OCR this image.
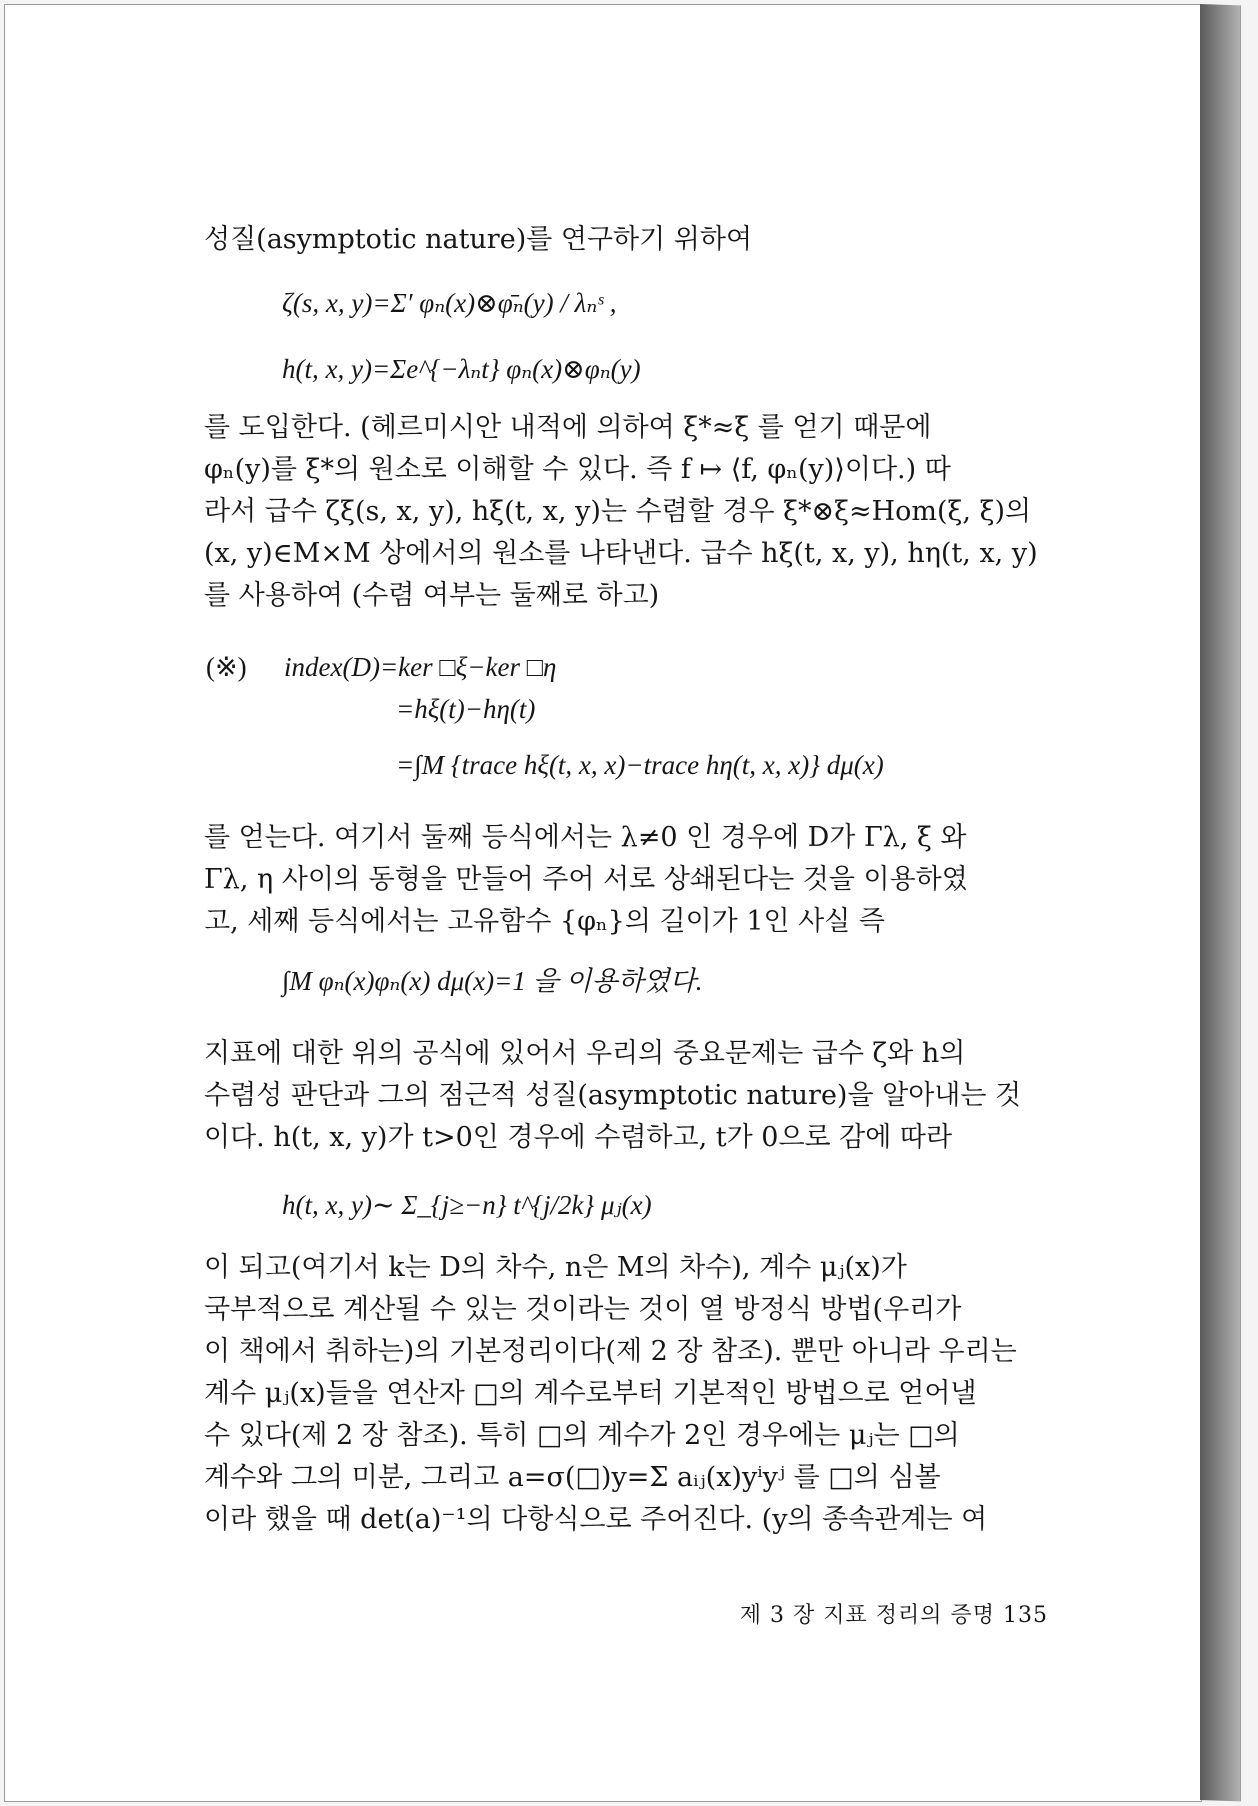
성질(asymptotic nature)를 연구하기 위하여
ζ(s, x, y)=Σ′ φₙ(x)⊗φ̄ₙ(y) / λₙˢ ,
h(t, x, y)=Σe^{−λₙt} φₙ(x)⊗φₙ(y)
를 도입한다. (헤르미시안 내적에 의하여 ξ*≈ξ̄ 를 얻기 때문에
φₙ(y)를 ξ*의 원소로 이해할 수 있다. 즉 f ↦ ⟨f, φₙ(y)⟩이다.) 따
라서 급수 ζξ(s, x, y), hξ(t, x, y)는 수렴할 경우 ξ*⊗ξ≈Hom(ξ, ξ)의
(x, y)∈M×M 상에서의 원소를 나타낸다. 급수 hξ(t, x, y), hη(t, x, y)
를 사용하여 (수렴 여부는 둘째로 하고)
(※) index(D)=ker □ξ−ker □η
=hξ(t)−hη(t)
=∫M {trace hξ(t, x, x)−trace hη(t, x, x)} dμ(x)
를 얻는다. 여기서 둘째 등식에서는 λ≠0 인 경우에 D가 Γλ, ξ 와
Γλ, η 사이의 동형을 만들어 주어 서로 상쇄된다는 것을 이용하였
고, 세째 등식에서는 고유함수 {φₙ}의 길이가 1인 사실 즉
∫M φₙ(x)φₙ(x) dμ(x)=1 을 이용하였다.
지표에 대한 위의 공식에 있어서 우리의 중요문제는 급수 ζ와 h의
수렴성 판단과 그의 점근적 성질(asymptotic nature)을 알아내는 것
이다. h(t, x, y)가 t>0인 경우에 수렴하고, t가 0으로 감에 따라
h(t, x, y)∼ Σ_{j≥−n} t^{j/2k} μⱼ(x)
이 되고(여기서 k는 D의 차수, n은 M의 차수), 계수 μⱼ(x)가
국부적으로 계산될 수 있는 것이라는 것이 열 방정식 방법(우리가
이 책에서 취하는)의 기본정리이다(제 2 장 참조). 뿐만 아니라 우리는
계수 μⱼ(x)들을 연산자 □의 계수로부터 기본적인 방법으로 얻어낼
수 있다(제 2 장 참조). 특히 □의 계수가 2인 경우에는 μⱼ는 □의
계수와 그의 미분, 그리고 a=σ(□)y=Σ aᵢⱼ(x)yⁱyʲ 를 □의 심볼
이라 했을 때 det(a)⁻¹의 다항식으로 주어진다. (y의 종속관계는 여
제 3 장 지표 정리의 증명 135
